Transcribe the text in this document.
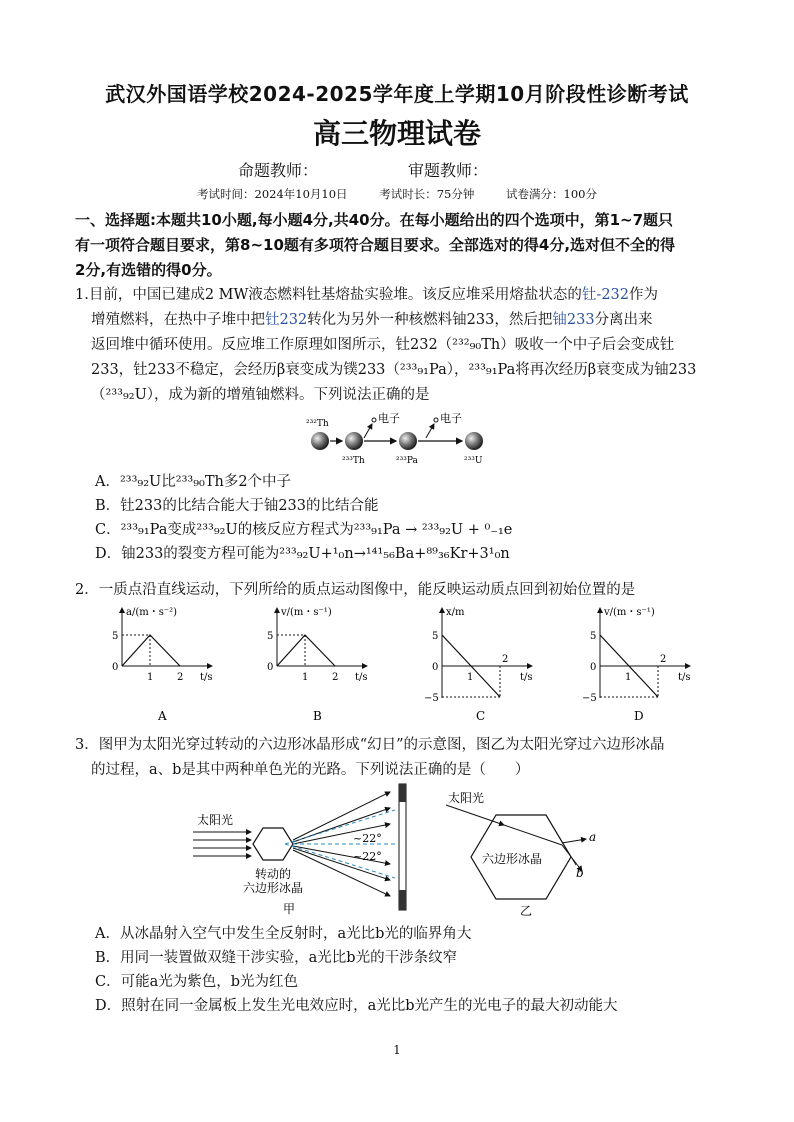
武汉外国语学校2024-2025学年度上学期10月阶段性诊断考试
高三物理试卷
命题教师：	审题教师：
考试时间：2024年10月10日	考试时长：75分钟	试卷满分：100分
一、选择题:本题共10小题,每小题4分,共40分。在每小题给出的四个选项中，第1~7题只
有一项符合题目要求，第8~10题有多项符合题目要求。全部选对的得4分,选对但不全的得
2分,有选错的得0分。
1.目前，中国已建成2 MW液态燃料钍基熔盐实验堆。该反应堆采用熔盐状态的钍-232作为
增殖燃料，在热中子堆中把钍232转化为另外一种核燃料铀233，然后把铀233分离出来
返回堆中循环使用。反应堆工作原理如图所示，钍232（²³²₉₀Th）吸收一个中子后会变成钍
233，钍233不稳定，会经历β衰变成为镤233（²³³₉₁Pa），²³³₉₁Pa将再次经历β衰变成为铀233
（²³³₉₂U），成为新的增殖铀燃料。下列说法正确的是
²³²Th
²³³Th	²³³Pa	²³³U
电子	电子
A．²³³₉₂U比²³³₉₀Th多2个中子
B．钍233的比结合能大于铀233的比结合能
C．²³³₉₁Pa变成²³³₉₂U的核反应方程式为²³³₉₁Pa → ²³³₉₂U + ⁰₋₁e
D．铀233的裂变方程可能为²³³₉₂U+¹₀n→¹⁴¹₅₆Ba+⁸⁹₃₆Kr+3¹₀n
2．一质点沿直线运动，下列所给的质点运动图像中，能反映运动质点回到初始位置的是
a/(m・s⁻²)
5
0
1 2 t/s
A
v/(m・s⁻¹)
5
0
1 2 t/s
B
x/m
5
0
−5
1
2
t/s
C
v/(m・s⁻¹)
5
0
−5
1
2
t/s
D
3．图甲为太阳光穿过转动的六边形冰晶形成“幻日”的示意图，图乙为太阳光穿过六边形冰晶
的过程，a、b是其中两种单色光的光路。下列说法正确的是（　　）
太阳光
~22°
~22°
转动的
六边形冰晶
甲
太阳光
a
b
六边形冰晶
乙
A．从冰晶射入空气中发生全反射时，a光比b光的临界角大
B．用同一装置做双缝干涉实验，a光比b光的干涉条纹窄
C．可能a光为紫色，b光为红色
D．照射在同一金属板上发生光电效应时，a光比b光产生的光电子的最大初动能大
1
